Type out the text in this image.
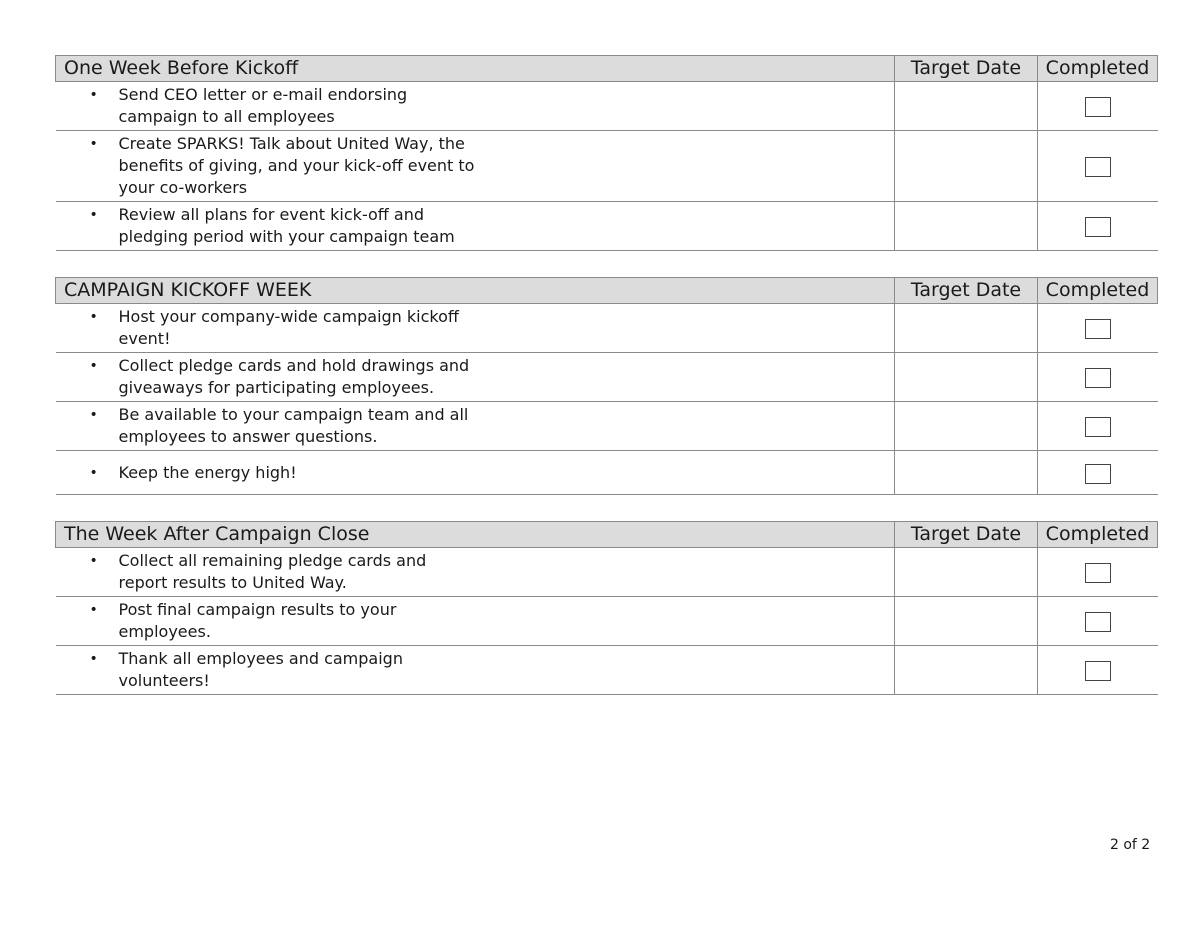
One Week Before Kickoff	Target Date	Completed

• Send CEO letter or e-mail endorsing campaign to all employees		

• Create SPARKS! Talk about United Way, the benefits of giving, and your kick-off event to your co-workers		

• Review all plans for event kick-off and pledging period with your campaign team		

CAMPAIGN KICKOFF WEEK	Target Date	Completed

• Host your company-wide campaign kickoff event!		

• Collect pledge cards and hold drawings and giveaways for participating employees.		

• Be available to your campaign team and all employees to answer questions.		

• Keep the energy high!		

The Week After Campaign Close	Target Date	Completed

• Collect all remaining pledge cards and report results to United Way.		

• Post final campaign results to your employees.		

• Thank all employees and campaign volunteers!		

2 of 2
